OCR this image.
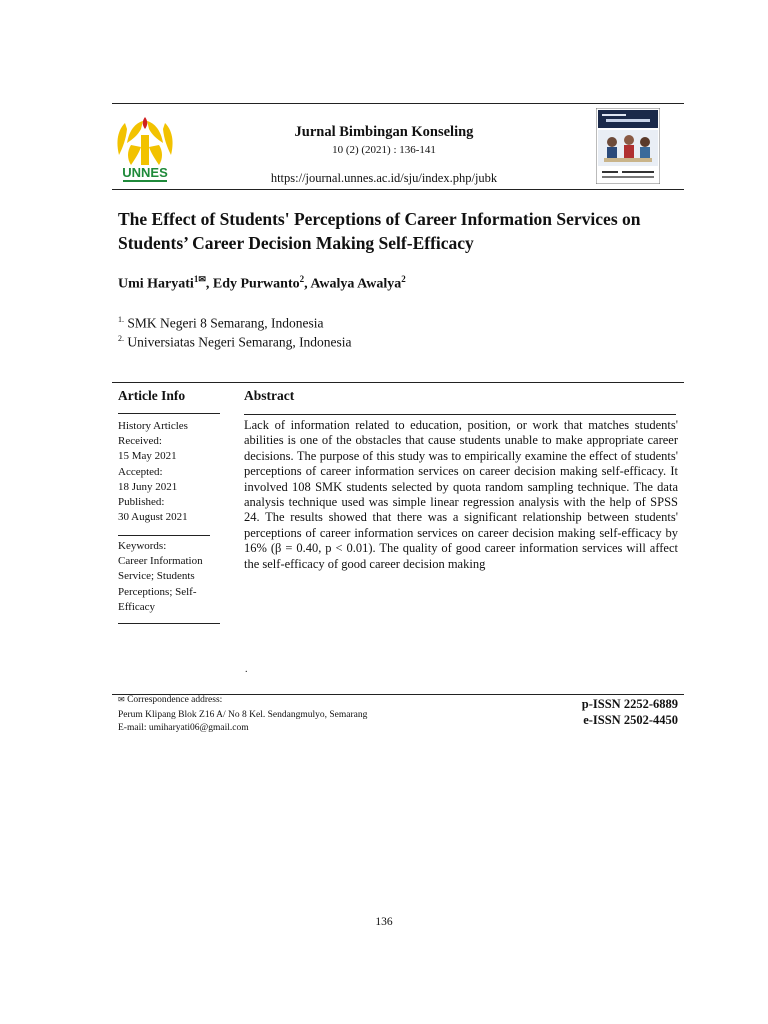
UNNES
Jurnal Bimbingan Konseling
10 (2) (2021) : 136-141
https://journal.unnes.ac.id/sju/index.php/jubk
The Effect of Students' Perceptions of Career Information Services on
Students’ Career Decision Making Self-Efficacy
Umi Haryati$^{1✉}$, Edy Purwanto$^2$, Awalya Awalya$^2$
$^{1.}$ SMK Negeri 8 Semarang, Indonesia
$^{2.}$ Universiatas Negeri Semarang, Indonesia
Article Info

History Articles

Received:

15 May 2021

Accepted:

18 Juny 2021

Published:

30 August 2021

Keywords:

Career Information

Service; Students

Perceptions; Self-

Efficacy

Abstract
Lack of information related to education, position, or work that matches students' abilities is one of the obstacles that cause students unable to make appropriate career decisions. The purpose of this study was to empirically examine the effect of students' perceptions of career information services on career decision making self-efficacy. It involved 108 SMK students selected by quota random sampling technique. The data analysis technique used was simple linear regression analysis with the help of SPSS 24. The results showed that there was a significant relationship between students' perceptions of career information services on career decision making self-efficacy by 16% (β = 0.40, p < 0.01). The quality of good career information services will affect the self-efficacy of good career decision making
.
✉ Correspondence address:
Perum Klipang Blok Z16 A/ No 8 Kel. Sendangmulyo, Semarang
E-mail: umiharyati06@gmail.com
p-ISSN 2252-6889
e-ISSN 2502-4450
136
